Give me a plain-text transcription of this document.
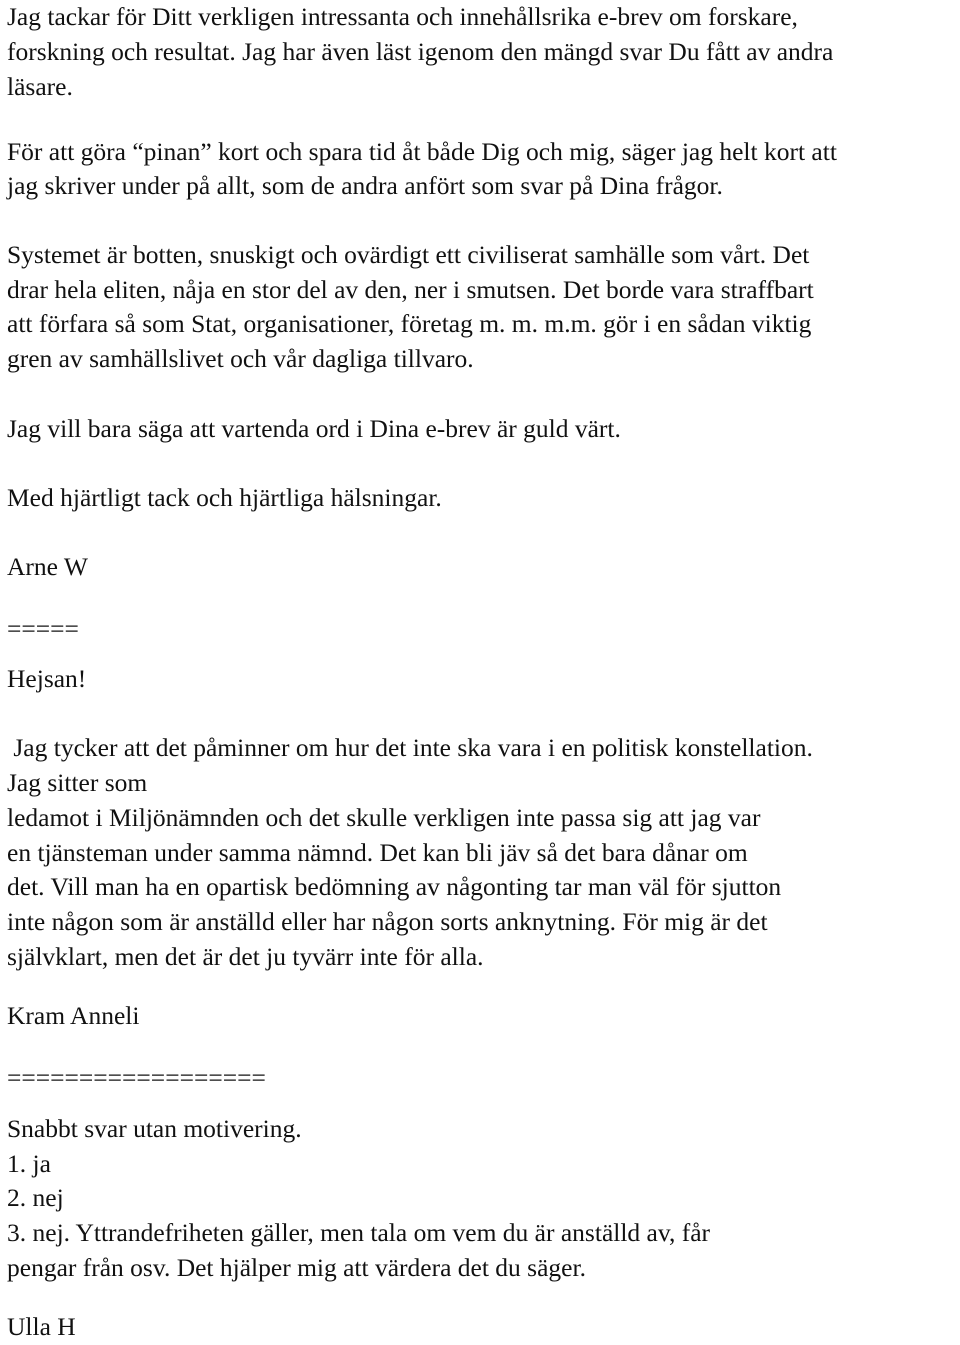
Jag tackar för Ditt verkligen intressanta och innehållsrika e-brev om forskare,
forskning och resultat. Jag har även läst igenom den mängd svar Du fått av andra
läsare.
För att göra “pinan” kort och spara tid åt både Dig och mig, säger jag helt kort att
jag skriver under på allt, som de andra anfört som svar på Dina frågor.
Systemet är botten, snuskigt och ovärdigt ett civiliserat samhälle som vårt. Det
drar hela eliten, nåja en stor del av den, ner i smutsen. Det borde vara straffbart
att förfara så som Stat, organisationer, företag m. m. m.m. gör i en sådan viktig
gren av samhällslivet och vår dagliga tillvaro.
Jag vill bara säga att vartenda ord i Dina e-brev är guld värt.
Med hjärtligt tack och hjärtliga hälsningar.
Arne W
=====
Hejsan!
Jag tycker att det påminner om hur det inte ska vara i en politisk konstellation.
Jag sitter som
ledamot i Miljönämnden och det skulle verkligen inte passa sig att jag var
en tjänsteman under samma nämnd. Det kan bli jäv så det bara dånar om
det. Vill man ha en opartisk bedömning av någonting tar man väl för sjutton
inte någon som är anställd eller har någon sorts anknytning. För mig är det
självklart, men det är det ju tyvärr inte för alla.
Kram Anneli
==================
Snabbt svar utan motivering.
1. ja
2. nej
3. nej. Yttrandefriheten gäller, men tala om vem du är anställd av, får
pengar från osv. Det hjälper mig att värdera det du säger.
Ulla H
